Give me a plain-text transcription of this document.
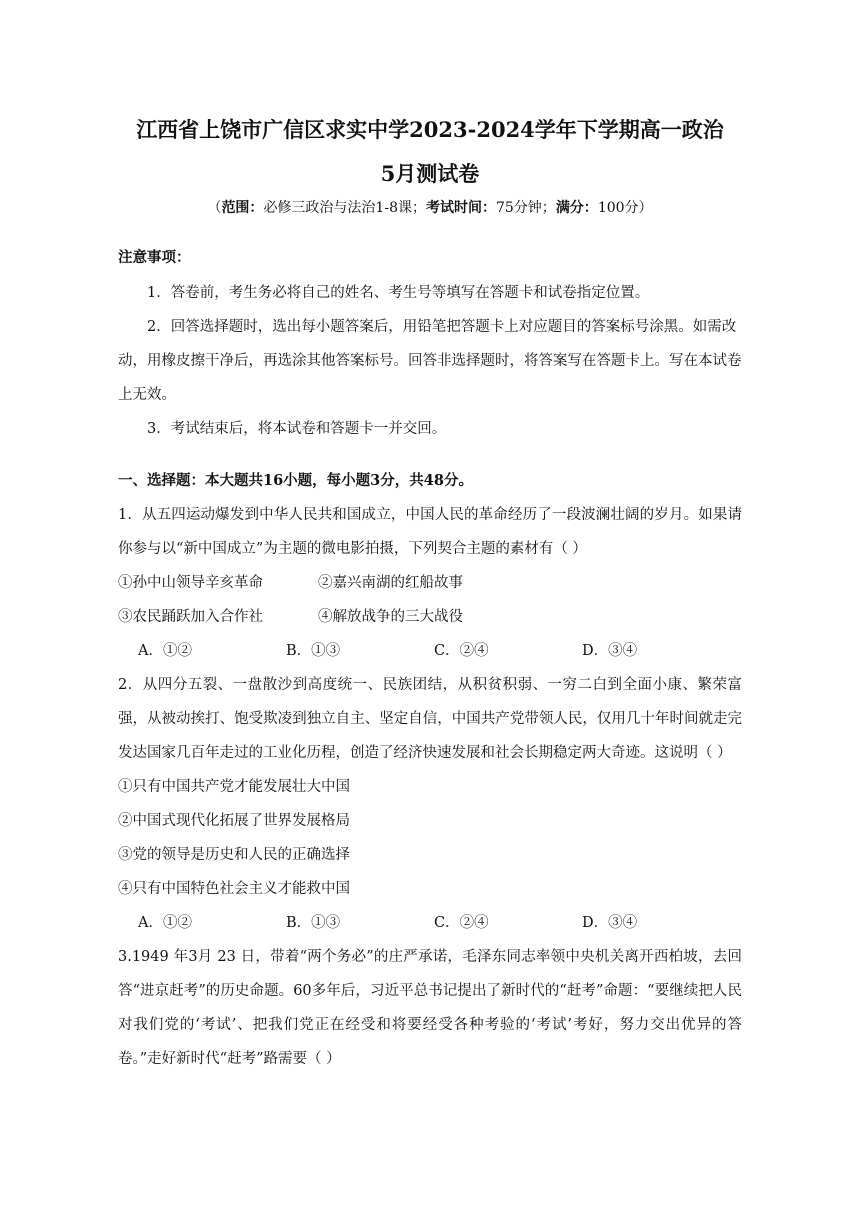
江西省上饶市广信区求实中学2023-2024学年下学期高一政治
5月测试卷

（范围：必修三政治与法治1-8课；考试时间：75分钟；满分：100分）

注意事项：

1．答卷前，考生务必将自己的姓名、考生号等填写在答题卡和试卷指定位置。

2．回答选择题时，选出每小题答案后，用铅笔把答题卡上对应题目的答案标号涂黑。如需改动，用橡皮擦干净后，再选涂其他答案标号。回答非选择题时，将答案写在答题卡上。写在本试卷上无效。

3．考试结束后，将本试卷和答题卡一并交回。

一、选择题：本大题共16小题，每小题3分，共48分。

1．从五四运动爆发到中华人民共和国成立，中国人民的革命经历了一段波澜壮阔的岁月。如果请你参与以“新中国成立”为主题的微电影拍摄，下列契合主题的素材有（ ）

①孙中山领导辛亥革命	②嘉兴南湖的红船故事
③农民踊跃加入合作社	④解放战争的三大战役
A．①②	B．①③	C．②④	D．③④

2．从四分五裂、一盘散沙到高度统一、民族团结，从积贫积弱、一穷二白到全面小康、繁荣富强，从被动挨打、饱受欺凌到独立自主、坚定自信，中国共产党带领人民，仅用几十年时间就走完发达国家几百年走过的工业化历程，创造了经济快速发展和社会长期稳定两大奇迹。这说明（ ）

①只有中国共产党才能发展壮大中国
②中国式现代化拓展了世界发展格局
③党的领导是历史和人民的正确选择
④只有中国特色社会主义才能救中国
A．①②	B．①③	C．②④	D．③④

3.1949 年3月 23 日，带着“两个务必”的庄严承诺，毛泽东同志率领中央机关离开西柏坡，去回答“进京赶考”的历史命题。60多年后，习近平总书记提出了新时代的“赶考”命题：“要继续把人民对我们党的‘考试’、把我们党正在经受和将要经受各种考验的‘考试’考好，努力交出优异的答卷。”走好新时代“赶考”路需要（ ）
